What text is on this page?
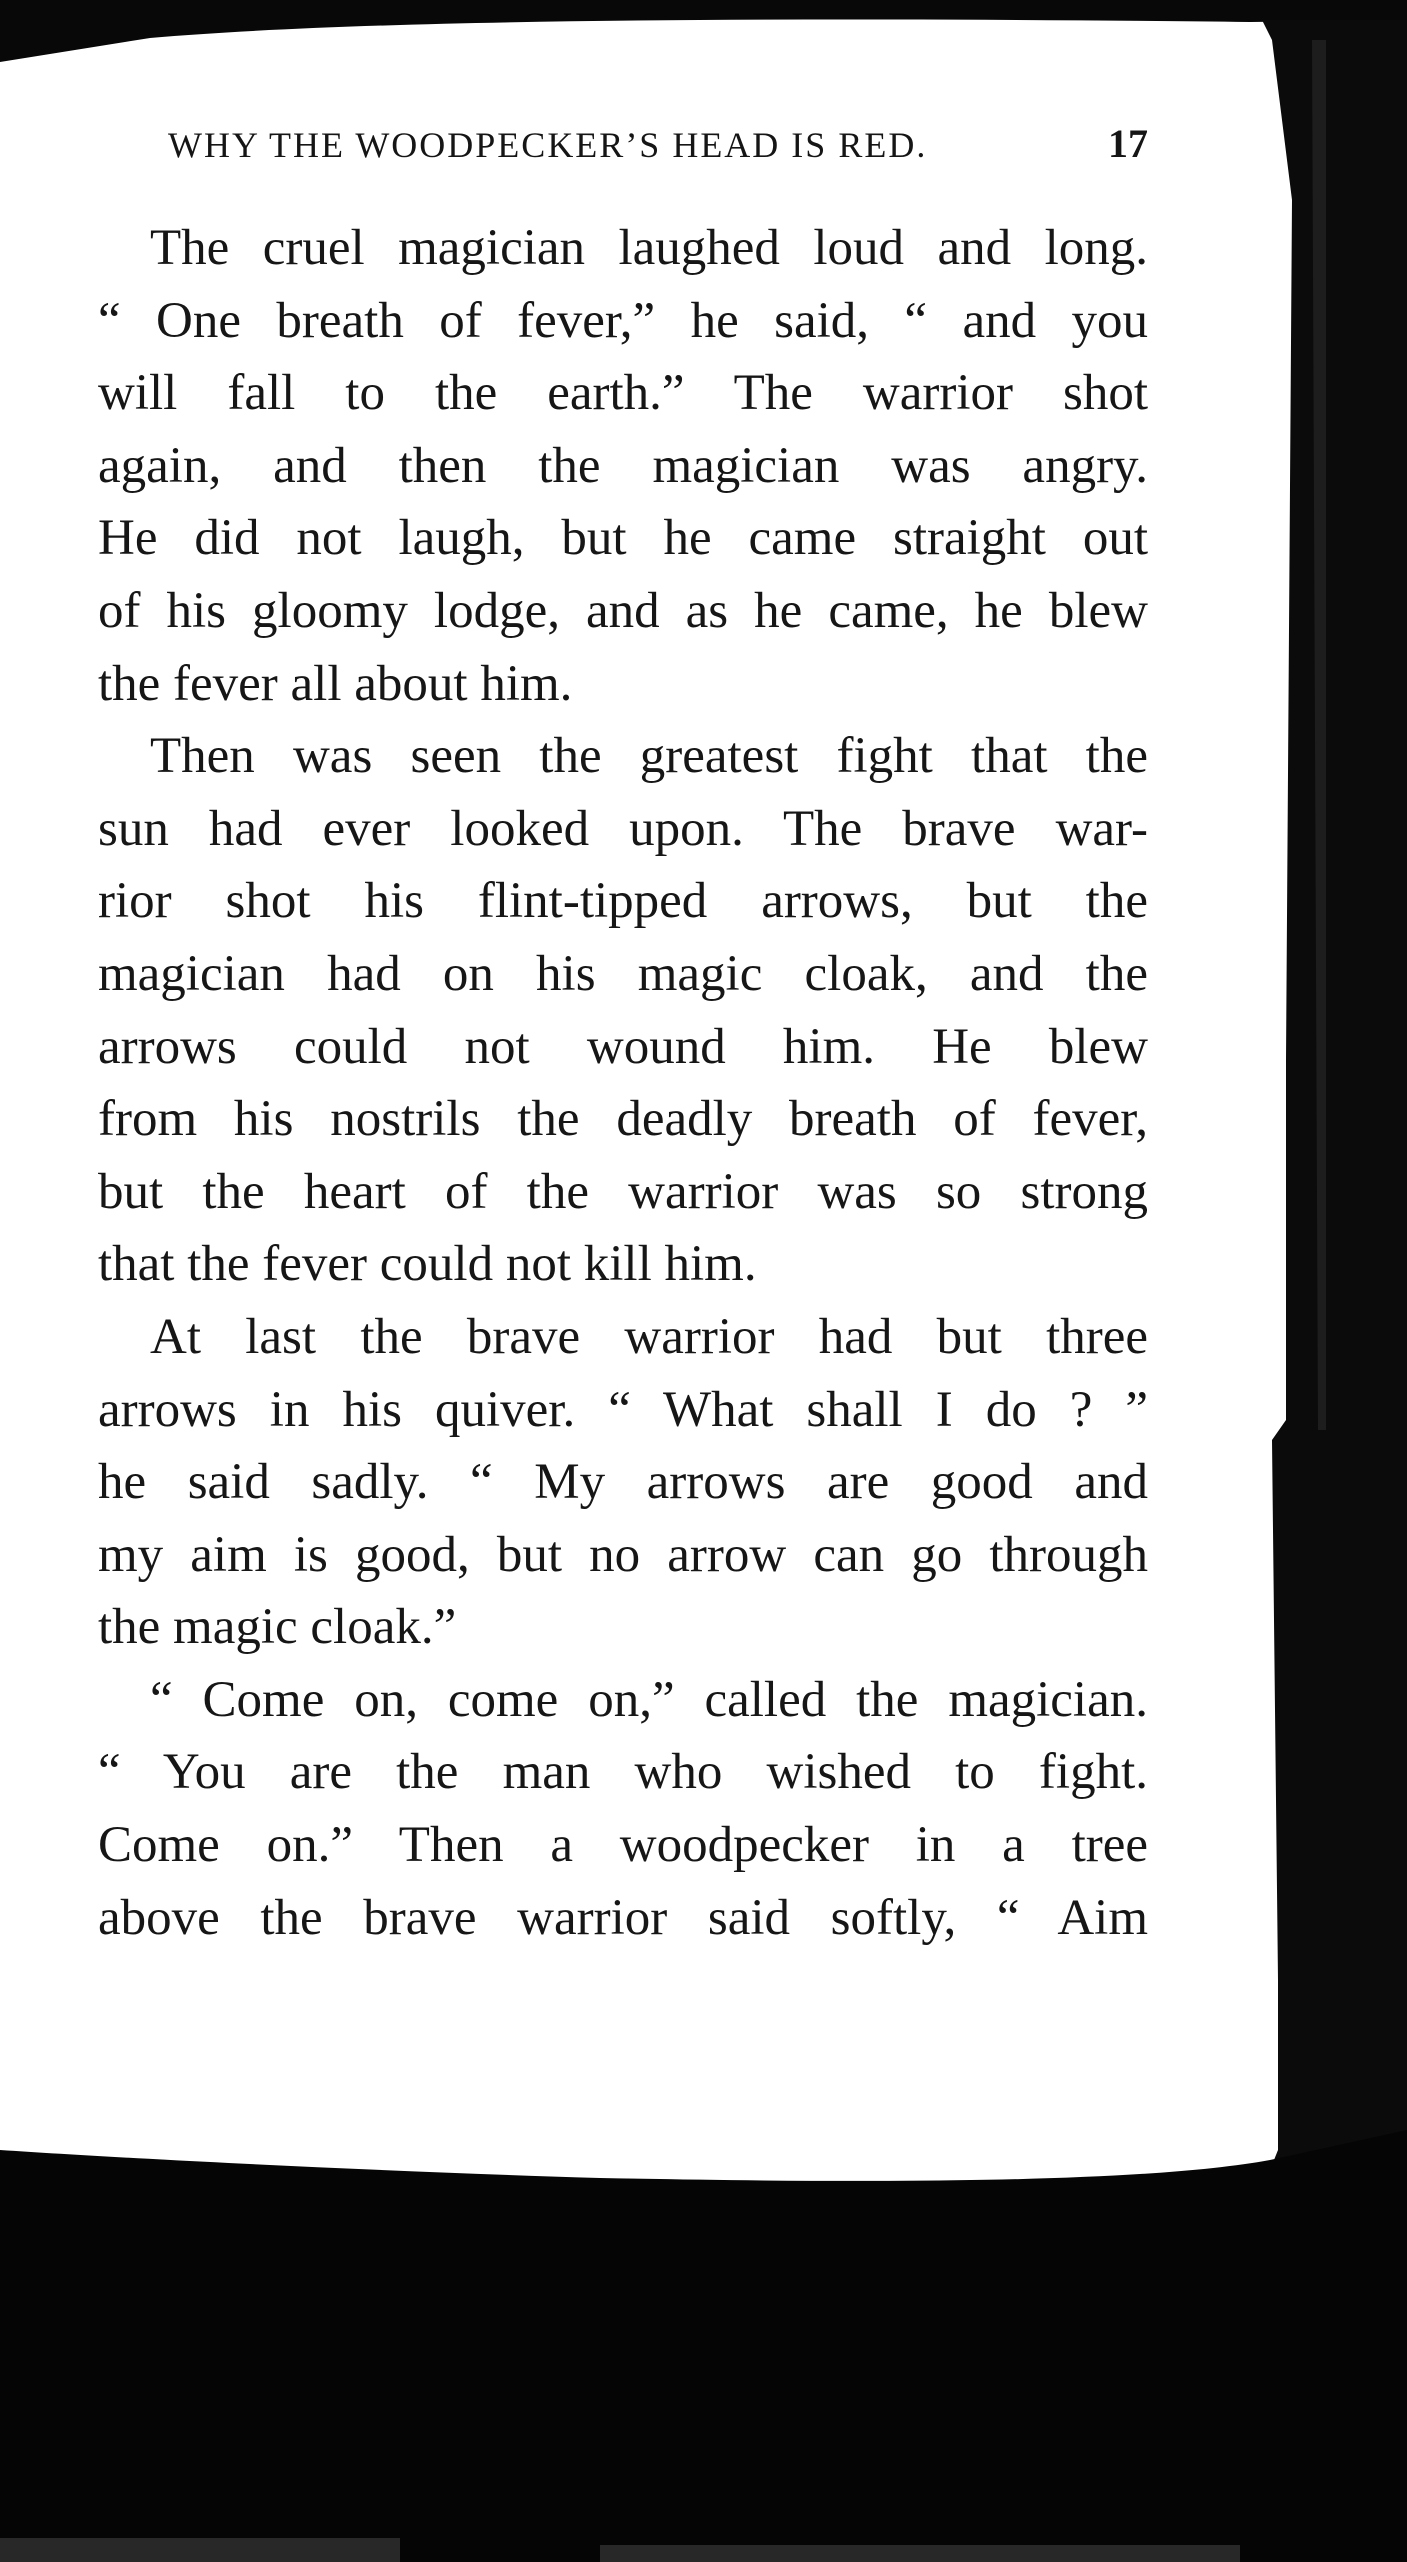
WHY THE WOODPECKER’S HEAD IS RED.	17
The cruel magician laughed loud and long.
“ One breath of fever,” he said, “ and you
will fall to the earth.” The warrior shot
again, and then the magician was angry.
He did not laugh, but he came straight out
of his gloomy lodge, and as he came, he blew
the fever all about him.
Then was seen the greatest fight that the
sun had ever looked upon. The brave war-
rior shot his flint-tipped arrows, but the
magician had on his magic cloak, and the
arrows could not wound him. He blew
from his nostrils the deadly breath of fever,
but the heart of the warrior was so strong
that the fever could not kill him.
At last the brave warrior had but three
arrows in his quiver. “ What shall I do ? ”
he said sadly. “ My arrows are good and
my aim is good, but no arrow can go through
the magic cloak.”
“ Come on, come on,” called the magician.
“ You are the man who wished to fight.
Come on.” Then a woodpecker in a tree
above the brave warrior said softly, “ Aim
